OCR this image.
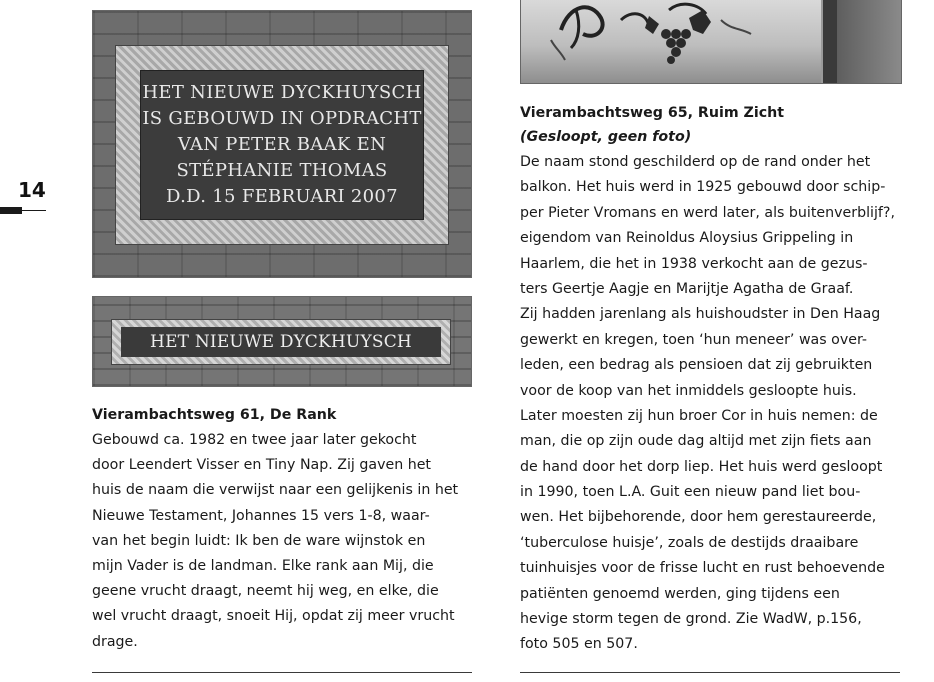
14
HET NIEUWE DYCKHUYSCH
IS GEBOUWD IN OPDRACHT
VAN PETER BAAK EN
STÉPHANIE THOMAS
D.D. 15 FEBRUARI 2007
HET NIEUWE DYCKHUYSCH
Vierambachtsweg 61, De Rank
Gebouwd ca. 1982 en twee jaar later gekocht
door Leendert Visser en Tiny Nap. Zij gaven het
huis de naam die verwijst naar een gelijkenis in het
Nieuwe Testament, Johannes 15 vers 1-8, waar-
van het begin luidt: Ik ben de ware wijnstok en
mijn Vader is de landman. Elke rank aan Mij, die
geene vrucht draagt, neemt hij weg, en elke, die
wel vrucht draagt, snoeit Hij, opdat zij meer vrucht
drage.
Vierambachtsweg 65, Ruim Zicht
(Gesloopt, geen foto)
De naam stond geschilderd op de rand onder het
balkon. Het huis werd in 1925 gebouwd door schip-
per Pieter Vromans en werd later, als buitenverblijf?,
eigendom van Reinoldus Aloysius Grippeling in
Haarlem, die het in 1938 verkocht aan de gezus-
ters Geertje Aagje en Marijtje Agatha de Graaf.
Zij hadden jarenlang als huishoudster in Den Haag
gewerkt en kregen, toen ‘hun meneer’ was over-
leden, een bedrag als pensioen dat zij gebruikten
voor de koop van het inmiddels gesloopte huis.
Later moesten zij hun broer Cor in huis nemen: de
man, die op zijn oude dag altijd met zijn fiets aan
de hand door het dorp liep. Het huis werd gesloopt
in 1990, toen L.A. Guit een nieuw pand liet bou-
wen. Het bijbehorende, door hem gerestaureerde,
‘tuberculose huisje’, zoals de destijds draaibare
tuinhuisjes voor de frisse lucht en rust behoevende
patiënten genoemd werden, ging tijdens een
hevige storm tegen de grond. Zie WadW, p.156,
foto 505 en 507.
